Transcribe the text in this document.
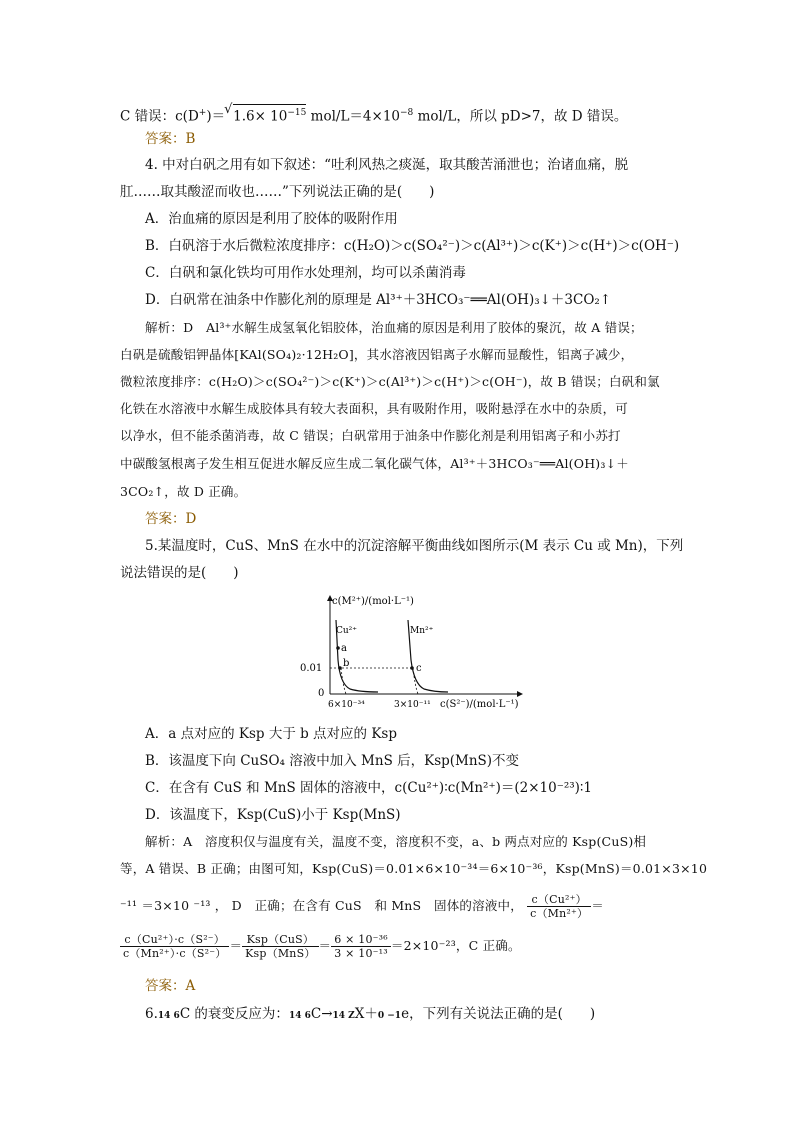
C 错误：c(D+)＝ √ $1.6\times 10^{-15}$ mol/$L=4\times 10^{-8}$ mol/L，所以 pD>7，故 D 错误。
答案：B
4. 中对白矾之用有如下叙述：“吐利风热之痰涎，取其酸苦涌泄也；治诸血痛，脱
肛……取其酸涩而收也……”下列说法正确的是(　　)
A．治血痛的原因是利用了胶体的吸附作用
B．白矾溶于水后微粒浓度排序：c(H₂O)＞c(SO₄²⁻)＞c(Al³⁺)＞c(K⁺)＞c(H⁺)＞c(OH⁻)
C．白矾和氯化铁均可用作水处理剂，均可以杀菌消毒
D．白矾常在油条中作膨化剂的原理是 Al³⁺＋3HCO₃⁻══Al(OH)₃↓＋3CO₂↑
解析：D　Al³⁺水解生成氢氧化铝胶体，治血痛的原因是利用了胶体的聚沉，故 A 错误；
白矾是硫酸铝钾晶体[KAl(SO₄)₂·12H₂O]，其水溶液因铝离子水解而显酸性，铝离子减少，
微粒浓度排序：c(H₂O)＞c(SO₄²⁻)＞c(K⁺)＞c(Al³⁺)＞c(H⁺)＞c(OH⁻)，故 B 错误；白矾和氯
化铁在水溶液中水解生成胶体具有较大表面积，具有吸附作用，吸附悬浮在水中的杂质，可
以净水，但不能杀菌消毒，故 C 错误；白矾常用于油条中作膨化剂是利用铝离子和小苏打
中碳酸氢根离子发生相互促进水解反应生成二氧化碳气体，Al³⁺＋3HCO₃⁻══Al(OH)₃↓＋
3CO₂↑，故 D 正确。
答案：D
5.某温度时，CuS、MnS 在水中的沉淀溶解平衡曲线如图所示(M 表示 Cu 或 Mn)，下列
说法错误的是(　　)
c(M²⁺)/(mol·L⁻¹)
c(S²⁻)/(mol·L⁻¹)
0
0.01
6×10⁻³⁴	3×10⁻¹¹
Cu²⁺	Mn²⁺
a
b	c
A．a 点对应的 Ksp 大于 b 点对应的 Ksp
B．该温度下向 CuSO₄ 溶液中加入 MnS 后，Ksp(MnS)不变
C．在含有 CuS 和 MnS 固体的溶液中，c(Cu²⁺)∶c(Mn²⁺)＝(2×10⁻²³)∶1
D．该温度下，Ksp(CuS)小于 Ksp(MnS)
解析：A　溶度积仅与温度有关，温度不变，溶度积不变，a、b 两点对应的 Ksp(CuS)相
等，A 错误、B 正确；由图可知，Ksp(CuS)＝0.01×6×10⁻³⁴＝6×10⁻³⁶，Ksp(MnS)＝0.01×3×10
⁻¹¹ ＝3×10 ⁻¹³ ， D　正确；在含有 CuS　和 MnS　固体的溶液中， $\frac{\text{c（Cu²⁺）}}{\text{c（Mn²⁺）}}$ ＝
$\frac{\text{c（Cu²⁺）·c（S²⁻）}}{\text{c（Mn²⁺）·c（S²⁻）}} = \frac{\text{Ksp（CuS）}}{\text{Ksp（MnS）}} = \frac{\text{6 × 10⁻³⁶}}{\text{3 × 10⁻¹³}} =2\times 10^{-23}$，C 正确。
答案：A
6.14 6C 的衰变反应为：14 6C→14 ZX＋0 −1e，下列有关说法正确的是(　　)
